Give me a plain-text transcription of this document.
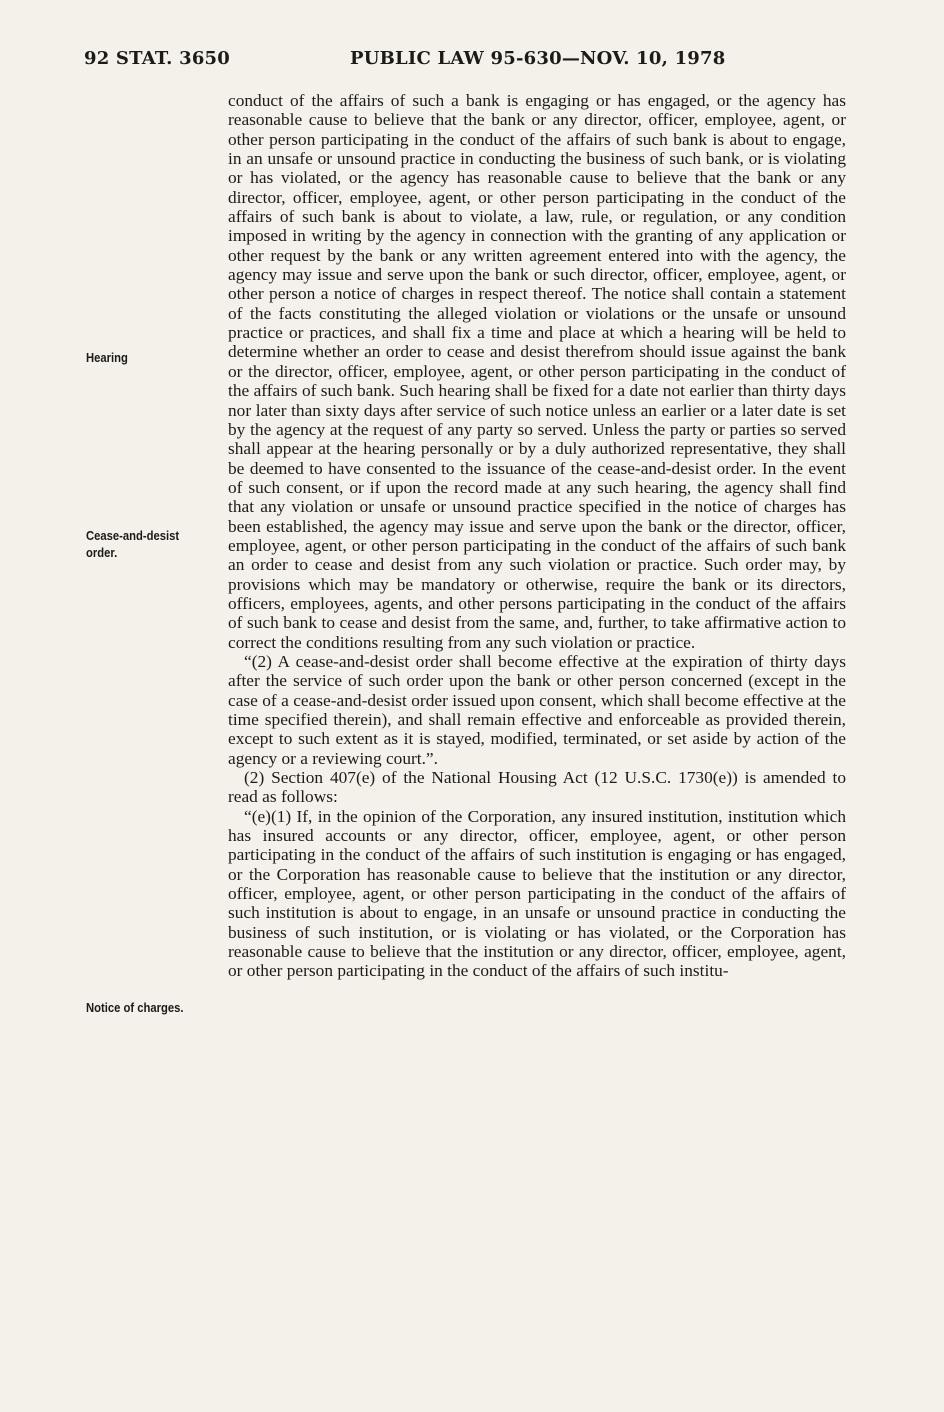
92 STAT. 3650	PUBLIC LAW 95-630—NOV. 10, 1978
Hearing
Cease-and-desist
order.
Notice of charges.

conduct of the affairs of such a bank is engaging or has engaged, or the agency has reasonable cause to believe that the bank or any director, officer, employee, agent, or other person participating in the conduct of the affairs of such bank is about to engage, in an unsafe or unsound practice in conducting the business of such bank, or is violating or has violated, or the agency has reasonable cause to believe that the bank or any director, officer, employee, agent, or other person participating in the conduct of the affairs of such bank is about to violate, a law, rule, or regulation, or any condition imposed in writing by the agency in connection with the granting of any application or other request by the bank or any written agreement entered into with the agency, the agency may issue and serve upon the bank or such director, officer, employee, agent, or other person a notice of charges in respect thereof. The notice shall contain a statement of the facts constituting the alleged violation or violations or the unsafe or unsound practice or practices, and shall fix a time and place at which a hearing will be held to determine whether an order to cease and desist therefrom should issue against the bank or the director, officer, employee, agent, or other person participating in the conduct of the affairs of such bank. Such hearing shall be fixed for a date not earlier than thirty days nor later than sixty days after service of such notice unless an earlier or a later date is set by the agency at the request of any party so served. Unless the party or parties so served shall appear at the hearing personally or by a duly authorized representative, they shall be deemed to have consented to the issuance of the cease-and-desist order. In the event of such consent, or if upon the record made at any such hearing, the agency shall find that any violation or unsafe or unsound practice specified in the notice of charges has been established, the agency may issue and serve upon the bank or the director, officer, employee, agent, or other person participating in the conduct of the affairs of such bank an order to cease and desist from any such violation or practice. Such order may, by provisions which may be mandatory or otherwise, require the bank or its directors, officers, employees, agents, and other persons participating in the conduct of the affairs of such bank to cease and desist from the same, and, further, to take affirmative action to correct the conditions resulting from any such violation or practice.

“(2) A cease-and-desist order shall become effective at the expiration of thirty days after the service of such order upon the bank or other person concerned (except in the case of a cease-and-desist order issued upon consent, which shall become effective at the time specified therein), and shall remain effective and enforceable as provided therein, except to such extent as it is stayed, modified, terminated, or set aside by action of the agency or a reviewing court.”.

(2) Section 407(e) of the National Housing Act (12 U.S.C. 1730(e)) is amended to read as follows:

“(e)(1) If, in the opinion of the Corporation, any insured institution, institution which has insured accounts or any director, officer, employee, agent, or other person participating in the conduct of the affairs of such institution is engaging or has engaged, or the Corporation has reasonable cause to believe that the institution or any director, officer, employee, agent, or other person participating in the conduct of the affairs of such institution is about to engage, in an unsafe or unsound practice in conducting the business of such institution, or is violating or has violated, or the Corporation has reasonable cause to believe that the institution or any director, officer, employee, agent, or other person participating in the conduct of the affairs of such institu-
